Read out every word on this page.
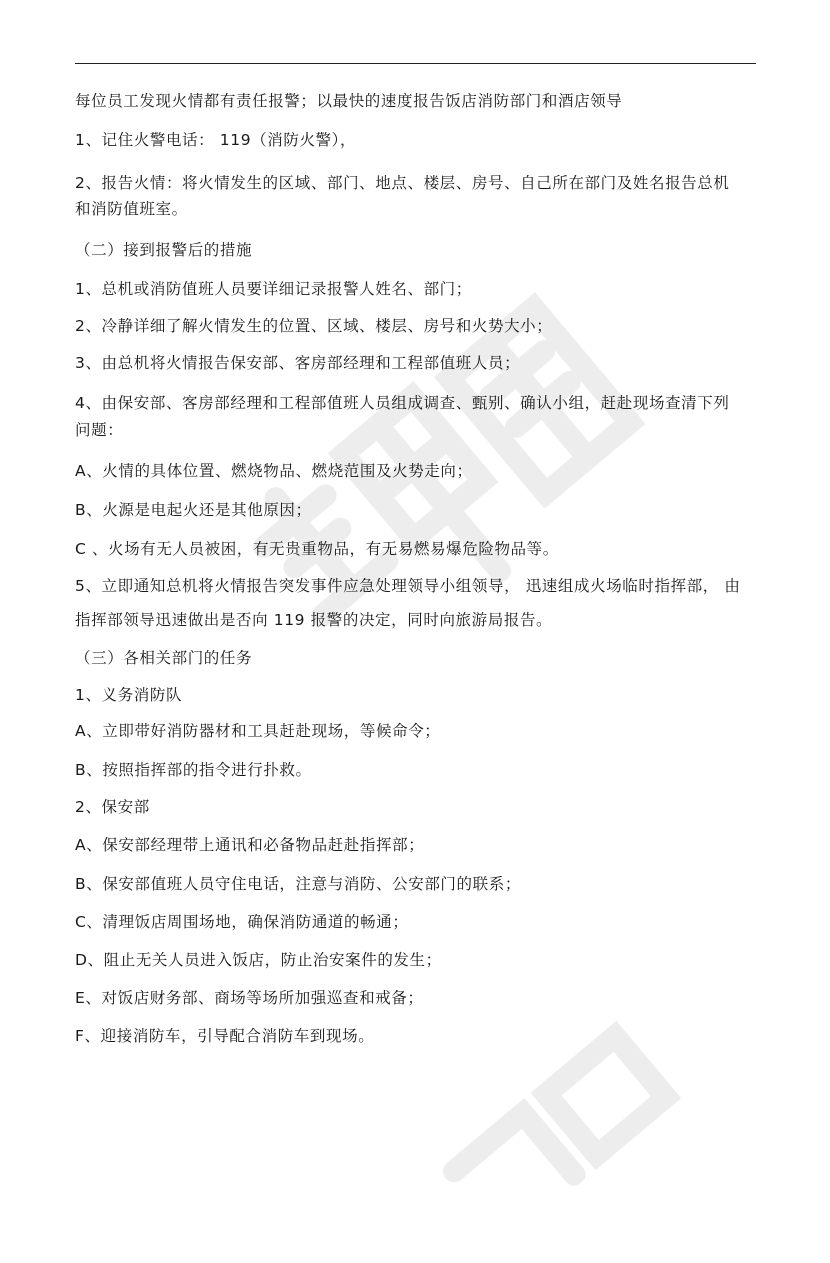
每位员工发现火情都有责任报警；以最快的速度报告饭店消防部门和酒店领导
1、记住火警电话： 119（消防火警），
2、报告火情：将火情发生的区域、部门、地点、楼层、房号、自己所在部门及姓名报告总机
和消防值班室。
（二）接到报警后的措施
1、总机或消防值班人员要详细记录报警人姓名、部门；
2、冷静详细了解火情发生的位置、区域、楼层、房号和火势大小；
3、由总机将火情报告保安部、客房部经理和工程部值班人员；
4、由保安部、客房部经理和工程部值班人员组成调查、甄别、确认小组，赶赴现场查清下列
问题：
A、火情的具体位置、燃烧物品、燃烧范围及火势走向；
B、火源是电起火还是其他原因；
C 、火场有无人员被困，有无贵重物品，有无易燃易爆危险物品等。
5、立即通知总机将火情报告突发事件应急处理领导小组领导， 迅速组成火场临时指挥部， 由
指挥部领导迅速做出是否向 119 报警的决定，同时向旅游局报告。
（三）各相关部门的任务
1、义务消防队
A、立即带好消防器材和工具赶赴现场，等候命令；
B、按照指挥部的指令进行扑救。
2、保安部
A、保安部经理带上通讯和必备物品赶赴指挥部；
B、保安部值班人员守住电话，注意与消防、公安部门的联系；
C、清理饭店周围场地，确保消防通道的畅通；
D、阻止无关人员进入饭店，防止治安案件的发生；
E、对饭店财务部、商场等场所加强巡查和戒备；
F、迎接消防车，引导配合消防车到现场。
